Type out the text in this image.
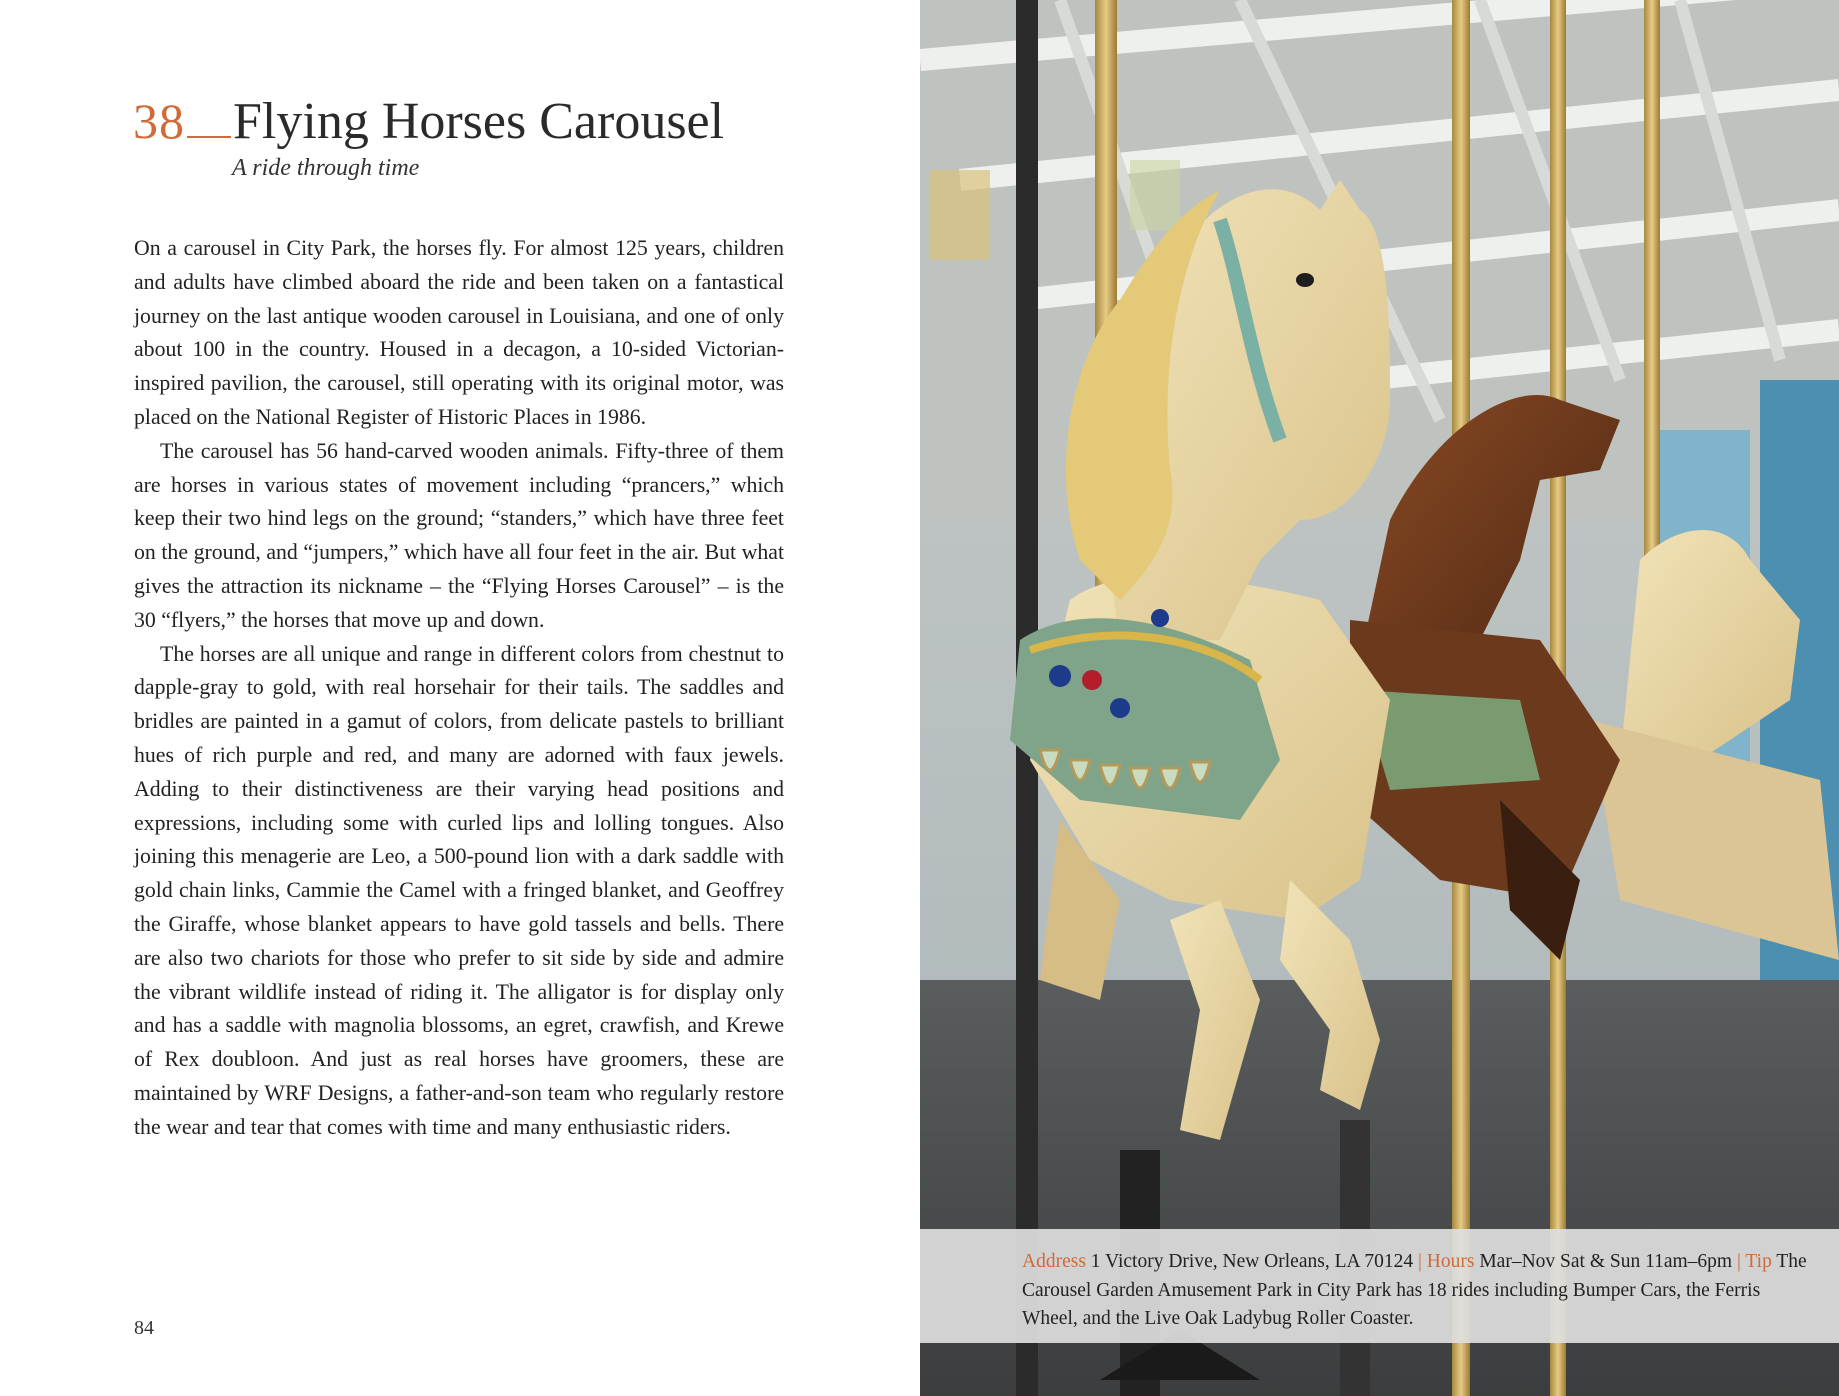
38 Flying Horses Carousel
A ride through time

On a carousel in City Park, the horses fly. For almost 125 years, children and adults have climbed aboard the ride and been taken on a fantastical journey on the last antique wooden carousel in Louisiana, and one of only about 100 in the country. Housed in a decagon, a 10-sided Victorian-inspired pavilion, the carousel, still operating with its original motor, was placed on the National Register of Historic Places in 1986.

The carousel has 56 hand-carved wooden animals. Fifty-three of them are horses in various states of movement including “prancers,” which keep their two hind legs on the ground; “standers,” which have three feet on the ground, and “jumpers,” which have all four feet in the air. But what gives the attraction its nickname – the “Flying Horses Carousel” – is the 30 “flyers,” the horses that move up and down.

The horses are all unique and range in different colors from chestnut to dapple-gray to gold, with real horsehair for their tails. The saddles and bridles are painted in a gamut of colors, from delicate pastels to brilliant hues of rich purple and red, and many are adorned with faux jewels. Adding to their distinctiveness are their varying head positions and expressions, including some with curled lips and lolling tongues. Also joining this menagerie are Leo, a 500-pound lion with a dark saddle with gold chain links, Cammie the Camel with a fringed blanket, and Geoffrey the Giraffe, whose blanket appears to have gold tassels and bells. There are also two chariots for those who prefer to sit side by side and admire the vibrant wildlife instead of riding it. The alligator is for display only and has a saddle with magnolia blossoms, an egret, crawfish, and Krewe of Rex doubloon. And just as real horses have groomers, these are maintained by WRF Designs, a father-and-son team who regularly restore the wear and tear that comes with time and many enthusiastic riders.

84
Address 1 Victory Drive, New Orleans, LA 70124 | Hours Mar–Nov Sat & Sun 11am–6pm | Tip The Carousel Garden Amusement Park in City Park has 18 rides including Bumper Cars, the Ferris Wheel, and the Live Oak Ladybug Roller Coaster.
